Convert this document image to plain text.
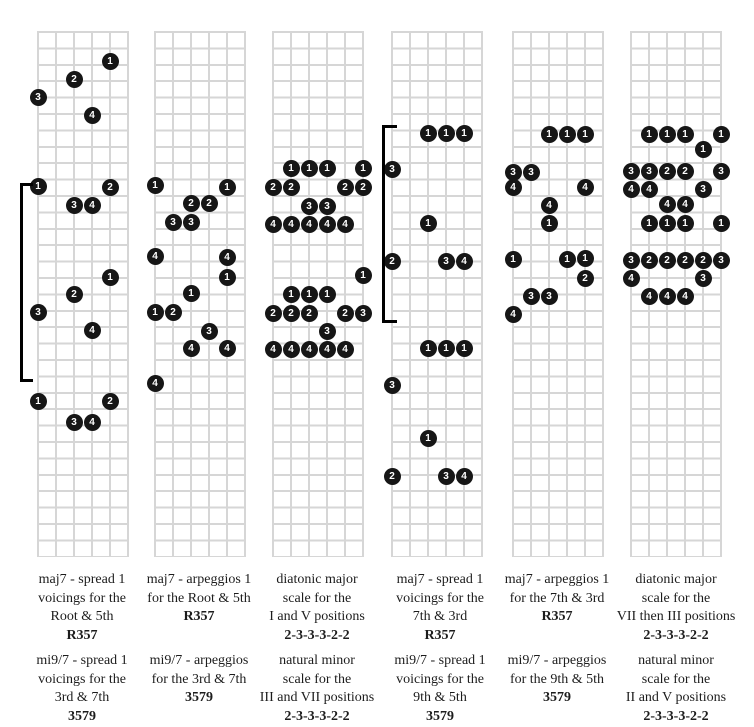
1
2
3
4
1	2
3	4
1
2
3
4
1	2
3	4
1	1
2	2
3	3
4	4
1
1
1	2
3
4	4
4
1	1	1	1
2	2	2	2
3	3
4	4	4	4	4
1
1	1	1
2	2	2	2	3
3
4	4	4	4	4
1	1	1
3
1
2	3	4
1	1	1
3
1
2	3	4
1	1	1
3	3
4	4
4
1
1	1	1
2
3	3
4
1	1	1	1
1
3	3	2	2	3
4	4	3
4	4
1	1	1	1
3	2	2	2	2	3
4	3
4	4	4
maj7 - spread 1
voicings for the
Root & 5th
R357
maj7 - arpeggios 1
for the Root & 5th
R357
diatonic major
scale for the
I and V positions
2-3-3-3-2-2
maj7 - spread 1
voicings for the
7th & 3rd
R357
maj7 - arpeggios 1
for the 7th & 3rd
R357
diatonic major
scale for the
VII then III positions
2-3-3-3-2-2
mi9/7 - spread 1
voicings for the
3rd & 7th
3579
mi9/7 - arpeggios
for the 3rd & 7th
3579
natural minor
scale for the
III and VII positions
2-3-3-3-2-2
mi9/7 - spread 1
voicings for the
9th & 5th
3579
mi9/7 - arpeggios
for the 9th & 5th
3579
natural minor
scale for the
II and V positions
2-3-3-3-2-2
